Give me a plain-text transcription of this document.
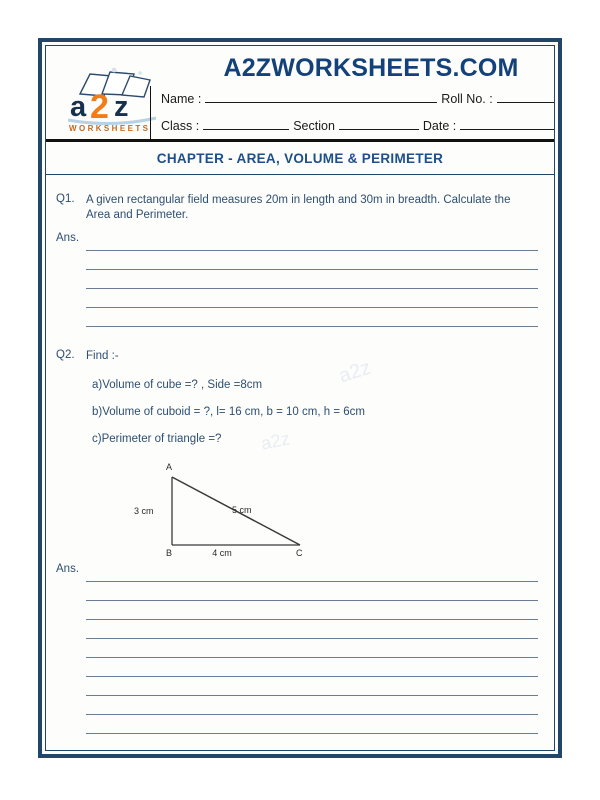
A2ZWORKSHEETS.COM
a 2 z
WORKSHEETS
Name :	Roll No. :
Class :	Section	Date :
CHAPTER - AREA, VOLUME & PERIMETER
a2z
a2z
Q1. A given rectangular field measures 20m in length and 30m in breadth. Calculate the Area and Perimeter.
Ans.
Q2. Find :-
a) Volume of cube =? , Side =8cm
b) Volume of cuboid = ?, l= 16 cm, b = 10 cm, h = 6cm
c) Perimeter of triangle =?
A
B	C
3 cm	5 cm
4 cm
Ans.
